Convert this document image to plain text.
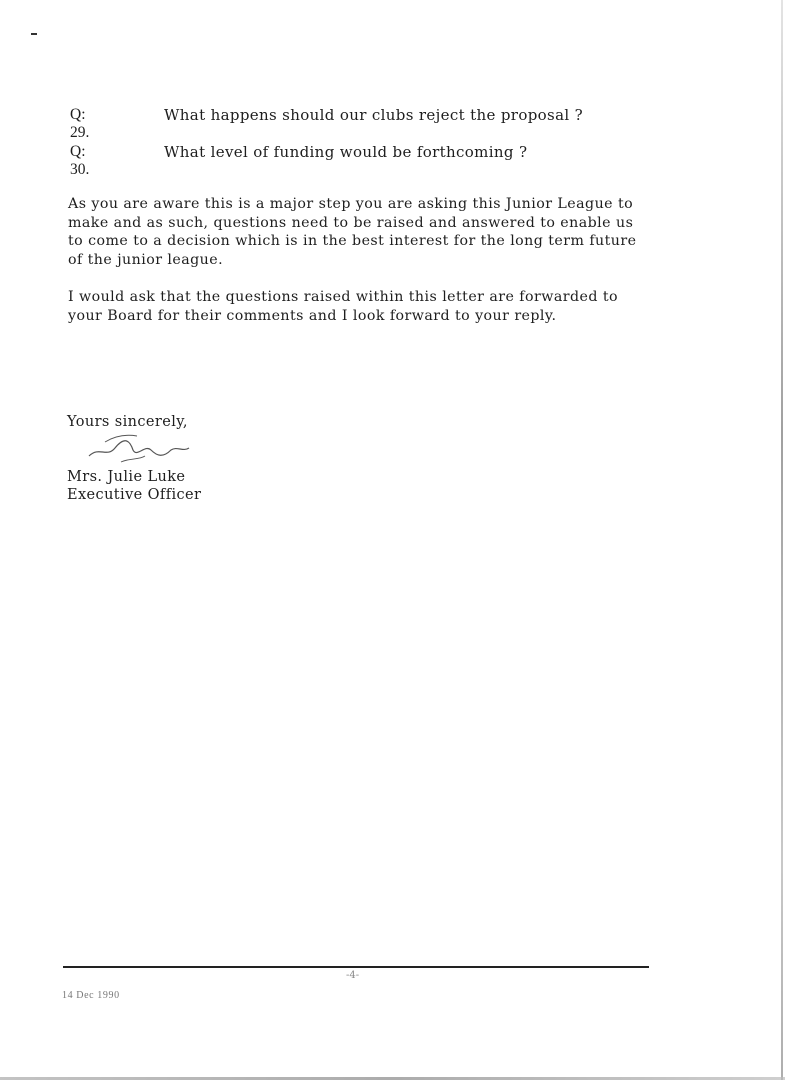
Q: 29.
What happens should our clubs reject the proposal ?
Q: 30.
What level of funding would be forthcoming ?

As you are aware this is a major step you are asking this Junior League to make and as such, questions need to be raised and answered to enable us to come to a decision which is in the best interest for the long term future of the junior league.

I would ask that the questions raised within this letter are forwarded to your Board for their comments and I look forward to your reply.

Yours sincerely,
Mrs. Julie Luke
Executive Officer
-4-
14 Dec 1990
